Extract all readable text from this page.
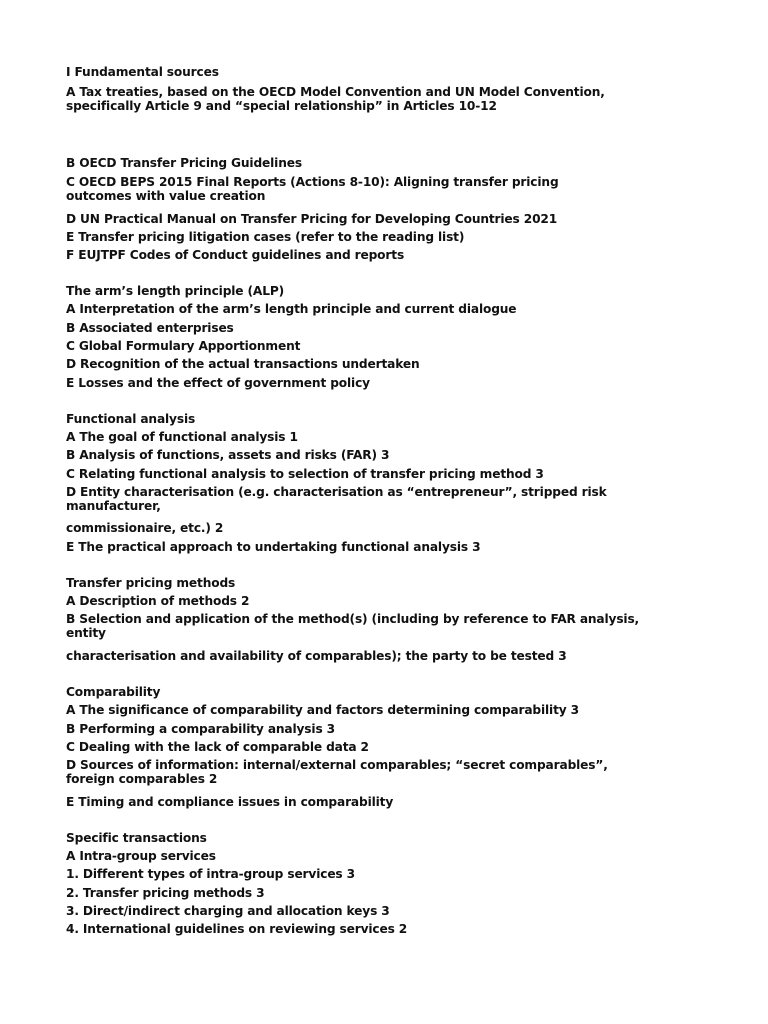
I Fundamental sources
A Tax treaties, based on the OECD Model Convention and UN Model Convention, specifically Article 9 and “special relationship” in Articles 10-12
B OECD Transfer Pricing Guidelines
C OECD BEPS 2015 Final Reports (Actions 8-10): Aligning transfer pricing outcomes with value creation
D UN Practical Manual on Transfer Pricing for Developing Countries 2021
E Transfer pricing litigation cases (refer to the reading list)
F EUJTPF Codes of Conduct guidelines and reports
The arm’s length principle (ALP)
A Interpretation of the arm’s length principle and current dialogue
B Associated enterprises
C Global Formulary Apportionment
D Recognition of the actual transactions undertaken
E Losses and the effect of government policy
Functional analysis
A The goal of functional analysis 1
B Analysis of functions, assets and risks (FAR) 3
C Relating functional analysis to selection of transfer pricing method 3
D Entity characterisation (e.g. characterisation as “entrepreneur”, stripped risk manufacturer,
commissionaire, etc.) 2
E The practical approach to undertaking functional analysis 3
Transfer pricing methods
A Description of methods 2
B Selection and application of the method(s) (including by reference to FAR analysis, entity
characterisation and availability of comparables); the party to be tested 3
Comparability
A The significance of comparability and factors determining comparability 3
B Performing a comparability analysis 3
C Dealing with the lack of comparable data 2
D Sources of information: internal/external comparables; “secret comparables”, foreign comparables 2
E Timing and compliance issues in comparability
Specific transactions
A Intra-group services
1. Different types of intra-group services 3
2. Transfer pricing methods 3
3. Direct/indirect charging and allocation keys 3
4. International guidelines on reviewing services 2
